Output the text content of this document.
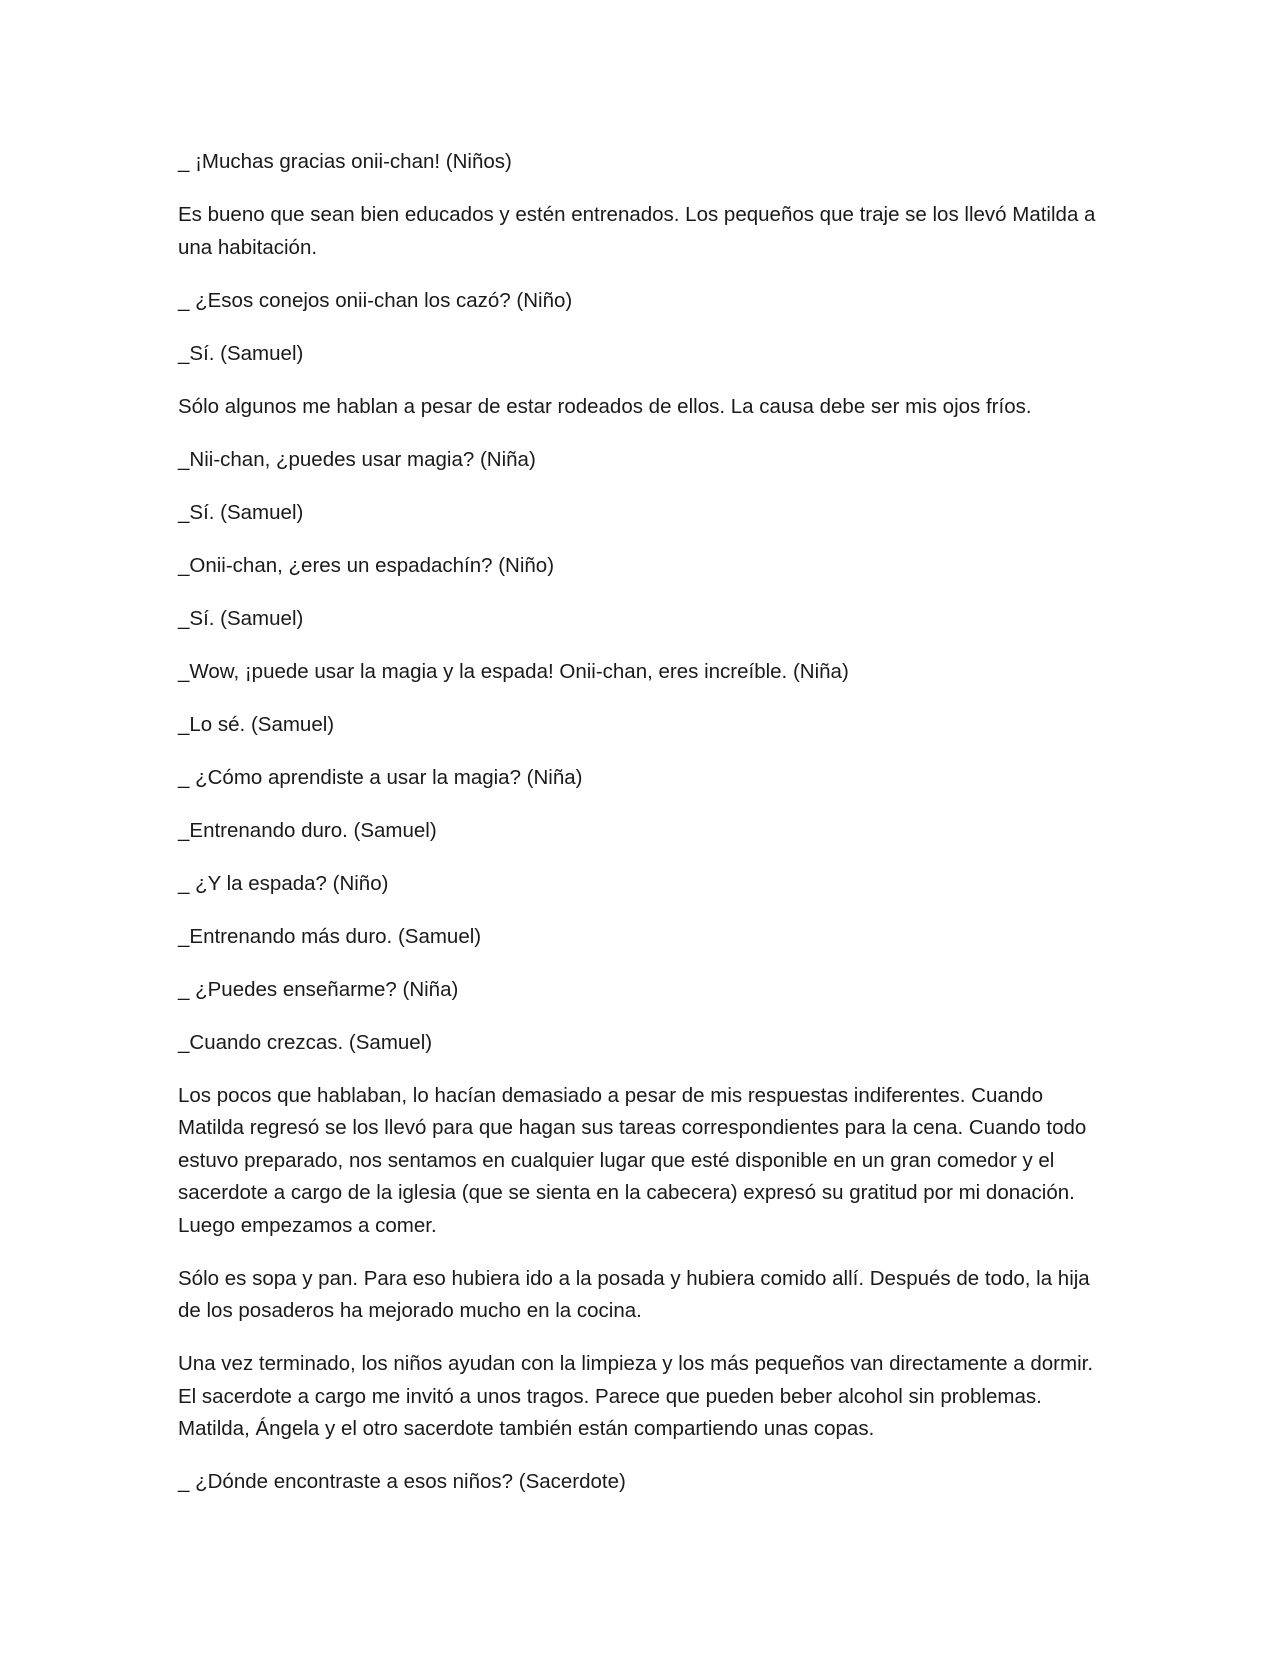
_ ¡Muchas gracias onii-chan! (Niños)

Es bueno que sean bien educados y estén entrenados. Los pequeños que traje se los llevó Matilda a una habitación.

_ ¿Esos conejos onii-chan los cazó? (Niño)

_Sí. (Samuel)

Sólo algunos me hablan a pesar de estar rodeados de ellos. La causa debe ser mis ojos fríos.

_Nii-chan, ¿puedes usar magia? (Niña)

_Sí. (Samuel)

_Onii-chan, ¿eres un espadachín? (Niño)

_Sí. (Samuel)

_Wow, ¡puede usar la magia y la espada! Onii-chan, eres increíble. (Niña)

_Lo sé. (Samuel)

_ ¿Cómo aprendiste a usar la magia? (Niña)

_Entrenando duro. (Samuel)

_ ¿Y la espada? (Niño)

_Entrenando más duro. (Samuel)

_ ¿Puedes enseñarme? (Niña)

_Cuando crezcas. (Samuel)

Los pocos que hablaban, lo hacían demasiado a pesar de mis respuestas indiferentes. Cuando Matilda regresó se los llevó para que hagan sus tareas correspondientes para la cena. Cuando todo estuvo preparado, nos sentamos en cualquier lugar que esté disponible en un gran comedor y el sacerdote a cargo de la iglesia (que se sienta en la cabecera) expresó su gratitud por mi donación. Luego empezamos a comer.

Sólo es sopa y pan. Para eso hubiera ido a la posada y hubiera comido allí. Después de todo, la hija de los posaderos ha mejorado mucho en la cocina.

Una vez terminado, los niños ayudan con la limpieza y los más pequeños van directamente a dormir. El sacerdote a cargo me invitó a unos tragos. Parece que pueden beber alcohol sin problemas. Matilda, Ángela y el otro sacerdote también están compartiendo unas copas.

_ ¿Dónde encontraste a esos niños? (Sacerdote)
